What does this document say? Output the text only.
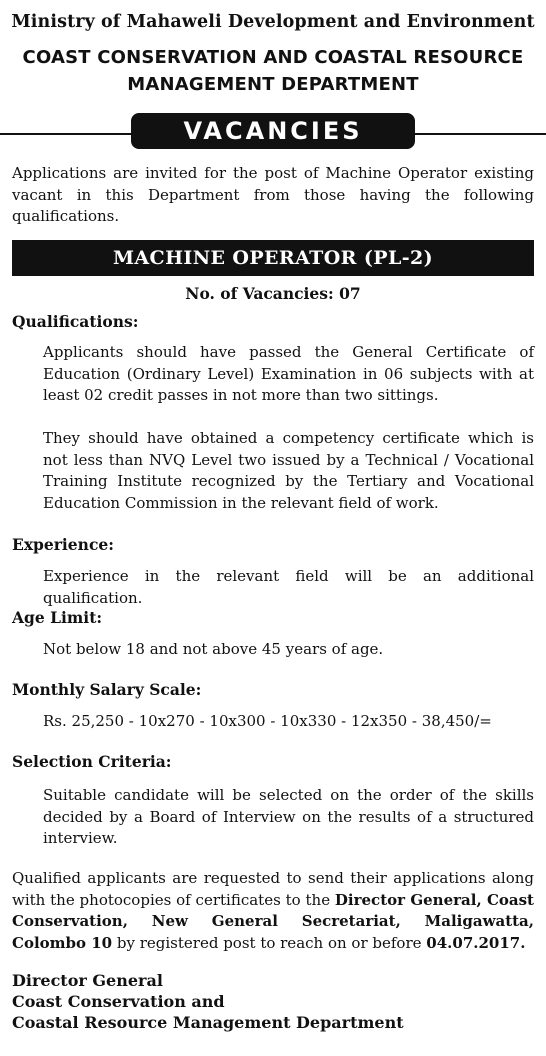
Ministry of Mahaweli Development and Environment
COAST CONSERVATION AND COASTAL RESOURCE
MANAGEMENT DEPARTMENT
VACANCIES
Applications are invited for the post of Machine Operator existing vacant in this Department from those having the following qualifications.
MACHINE OPERATOR (PL-2)
No. of Vacancies: 07
Qualifications:
Applicants should have passed the General Certificate of Education (Ordinary Level) Examination in 06 subjects with at least 02 credit passes in not more than two sittings.
They should have obtained a competency certificate which is not less than NVQ Level two issued by a Technical / Vocational Training Institute recognized by the Tertiary and Vocational Education Commission in the relevant field of work.
Experience:
Experience in the relevant field will be an additional qualification.
Age Limit:
Not below 18 and not above 45 years of age.
Monthly Salary Scale:
Rs. 25,250 - 10x270 - 10x300 - 10x330 - 12x350 - 38,450/=
Selection Criteria:
Suitable candidate will be selected on the order of the skills decided by a Board of Interview on the results of a structured interview.
Qualified applicants are requested to send their applications along with the photocopies of certificates to the Director General, Coast Conservation, New General Secretariat, Maligawatta, Colombo 10 by registered post to reach on or before 04.07.2017.
Director General
Coast Conservation and
Coastal Resource Management Department
